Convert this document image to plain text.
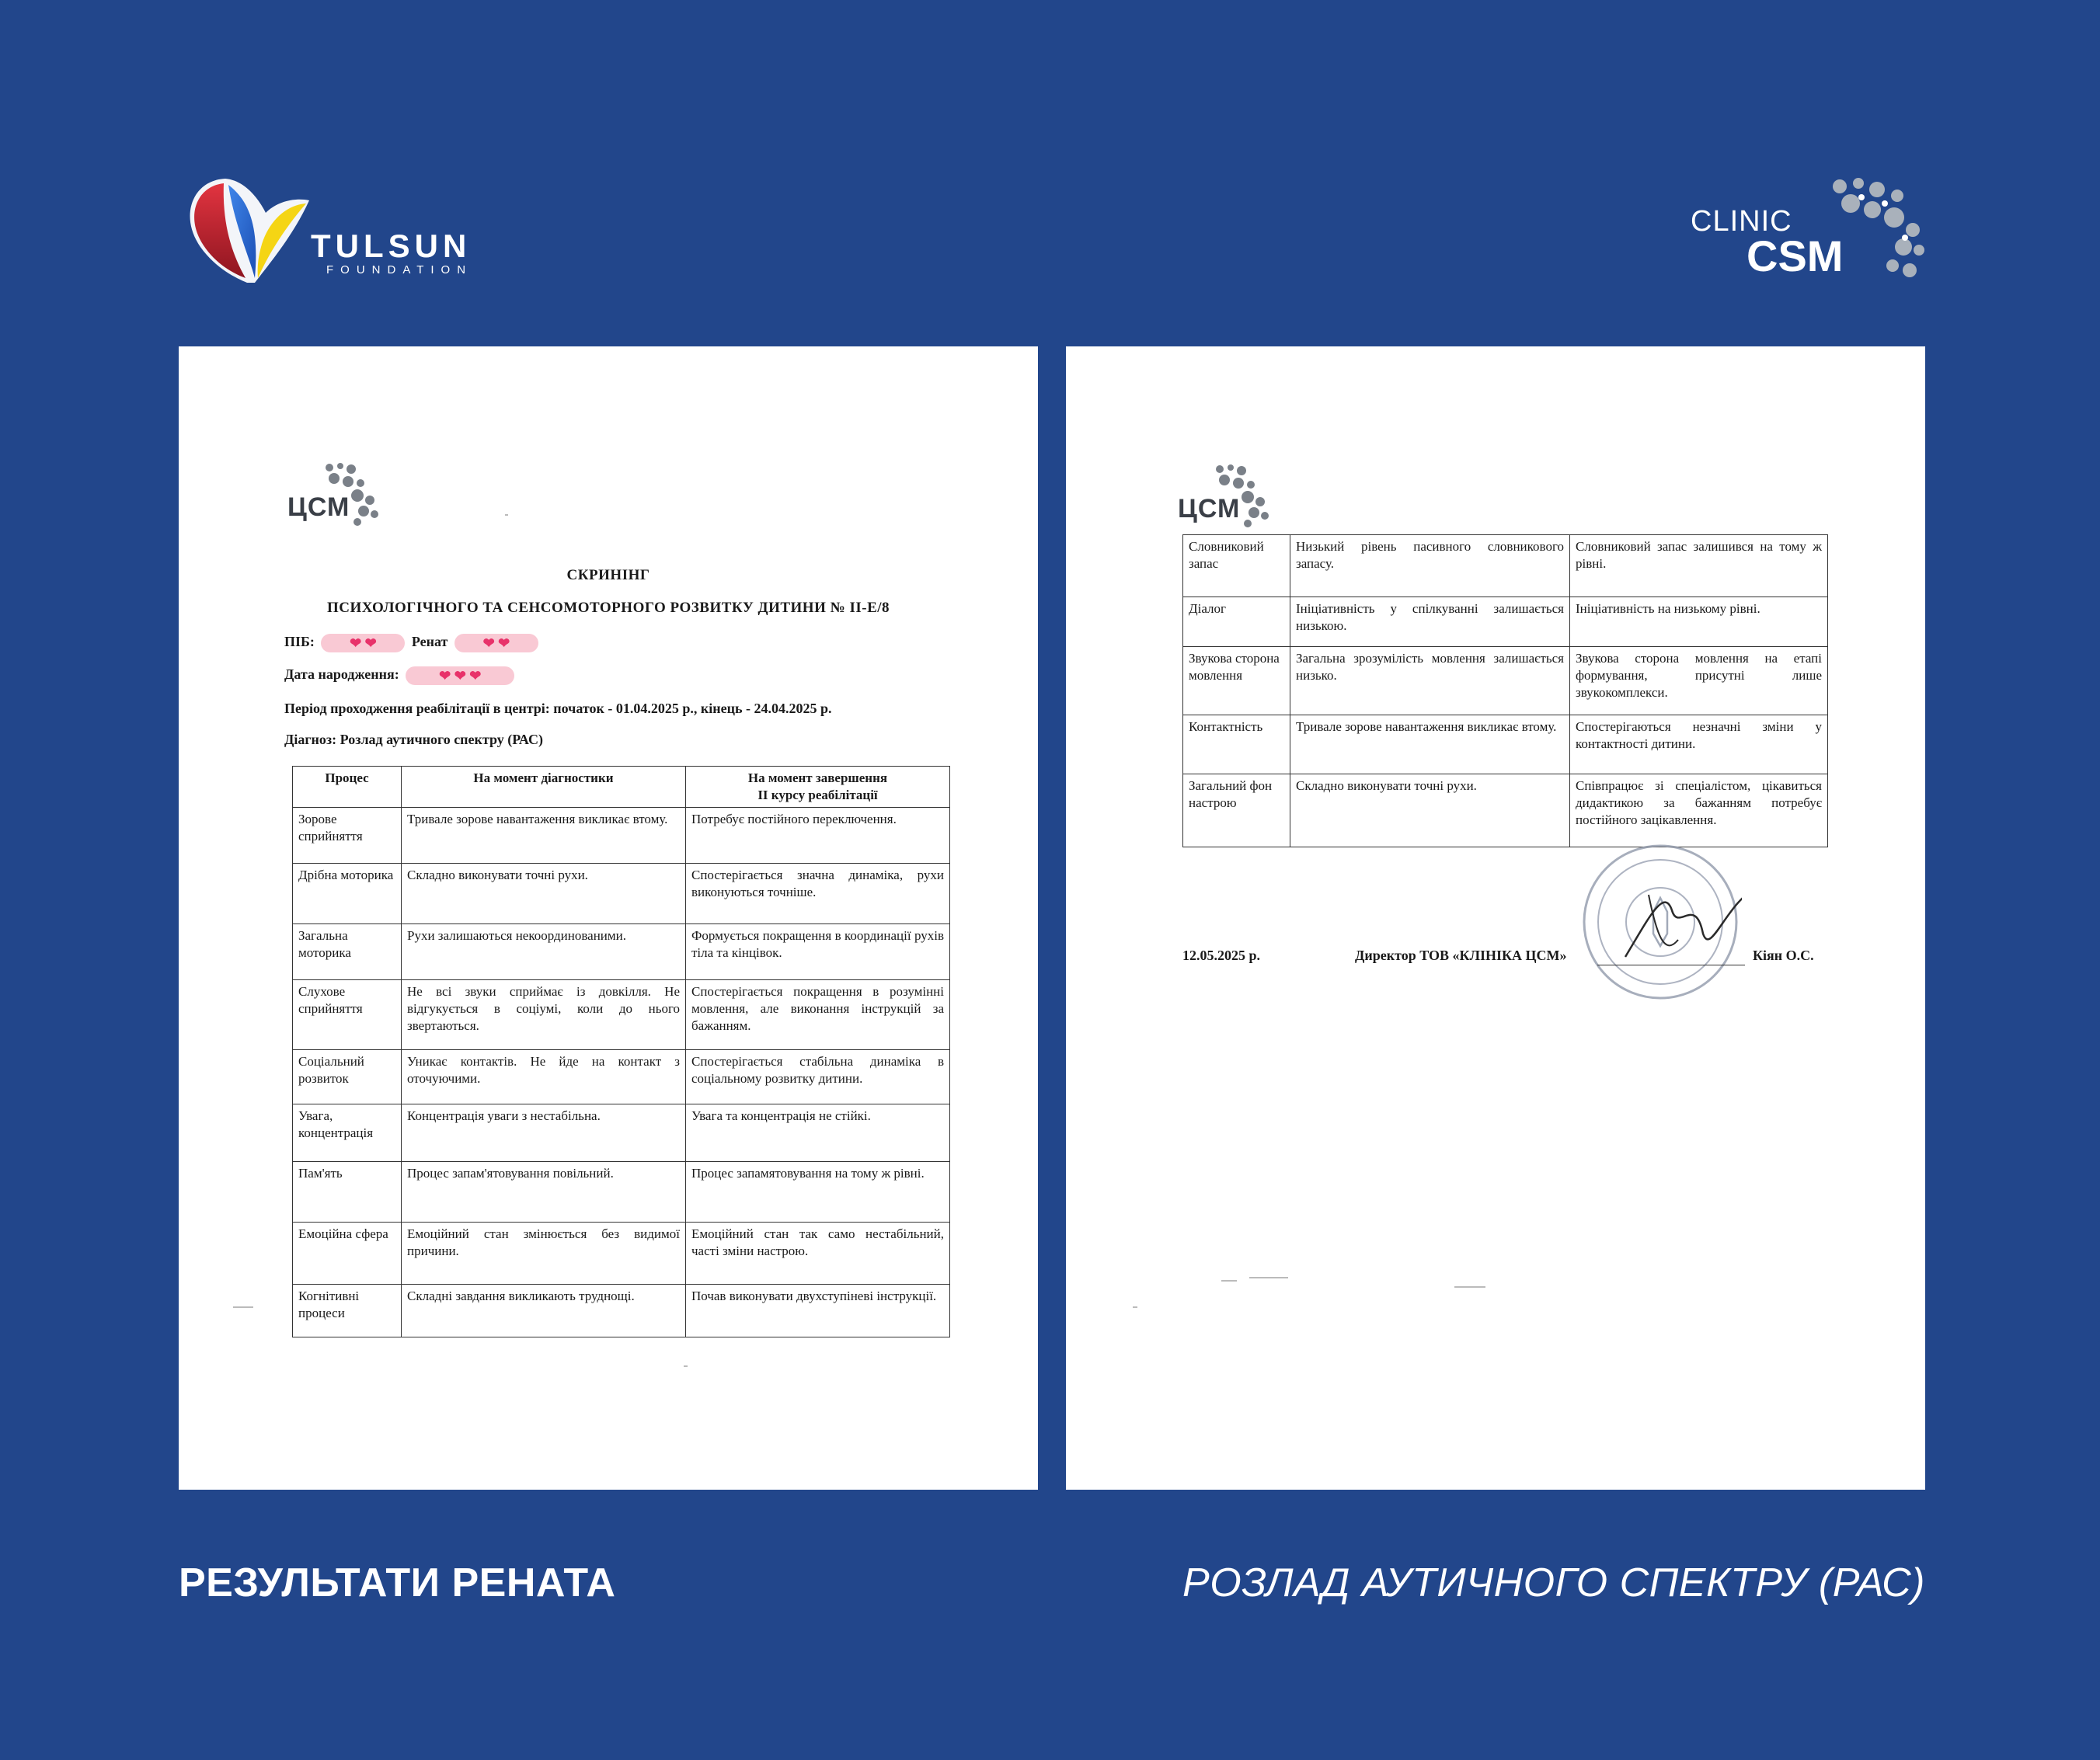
TULSUN
FOUNDATION
CLINIC
CSM
ЦСМ
СКРИНІНГ
ПСИХОЛОГІЧНОГО ТА СЕНСОМОТОРНОГО РОЗВИТКУ ДИТИНИ № II-Е/8
ПІБ:	❤ ❤	Ренат	❤ ❤
Дата народження:	❤ ❤ ❤
Період проходження реабілітації в центрі: початок - 01.04.2025 р., кінець - 24.04.2025 р.
Діагноз: Розлад аутичного спектру (РАС)
Процес	На момент діагностики	На момент завершення
II курсу реабілітації
Зорове сприйняття	Тривале зорове навантаження викликає втому.	Потребує постійного переключення.
Дрібна моторика	Складно виконувати точні рухи.	Спостерігається значна динаміка, рухи виконуються точніше.
Загальна моторика	Рухи залишаються некоординованими.	Формується покращення в координації рухів тіла та кінцівок.
Слухове сприйняття	Не всі звуки сприймає із довкілля. Не відгукується в соціумі, коли до нього звертаються.	Спостерігається покращення в розумінні мовлення, але виконання інструкцій за бажанням.
Соціальний розвиток	Уникає контактів. Не йде на контакт з оточуючими.	Спостерігається стабільна динаміка в соціальному розвитку дитини.
Увага, концентрація	Концентрація уваги з нестабільна.	Увага та концентрація не стійкі.
Пам'ять	Процес запам'ятовування повільний.	Процес запамятовування на тому ж рівні.
Емоційна сфера	Емоційний стан змінюється без видимої причини.	Емоційний стан так само нестабільний, часті зміни настрою.
Когнітивні процеси	Складні завдання викликають труднощі.	Почав виконувати двухступіневі інструкції.
ЦСМ
Словниковий запас	Низький рівень пасивного словникового запасу.	Словниковий запас залишився на тому ж рівні.
Діалог	Ініціативність у спілкуванні залишається низькою.	Ініціативність на низькому рівні.
Звукова сторона мовлення	Загальна зрозумілість мовлення залишається низько.	Звукова сторона мовлення на етапі формування, присутні лише звукокомплекси.
Контактність	Тривале зорове навантаження викликає втому.	Спостерігаються незначні зміни у контактності дитини.
Загальний фон настрою	Складно виконувати точні рухи.	Співпрацює зі спеціалістом, цікавиться дидактикою за бажанням потребує постійного зацікавлення.
12.05.2025 р.	Директор ТОВ «КЛІНІКА ЦСМ»	Кіян О.С.
РЕЗУЛЬТАТИ РЕНАТА	РОЗЛАД АУТИЧНОГО СПЕКТРУ (РАС)
